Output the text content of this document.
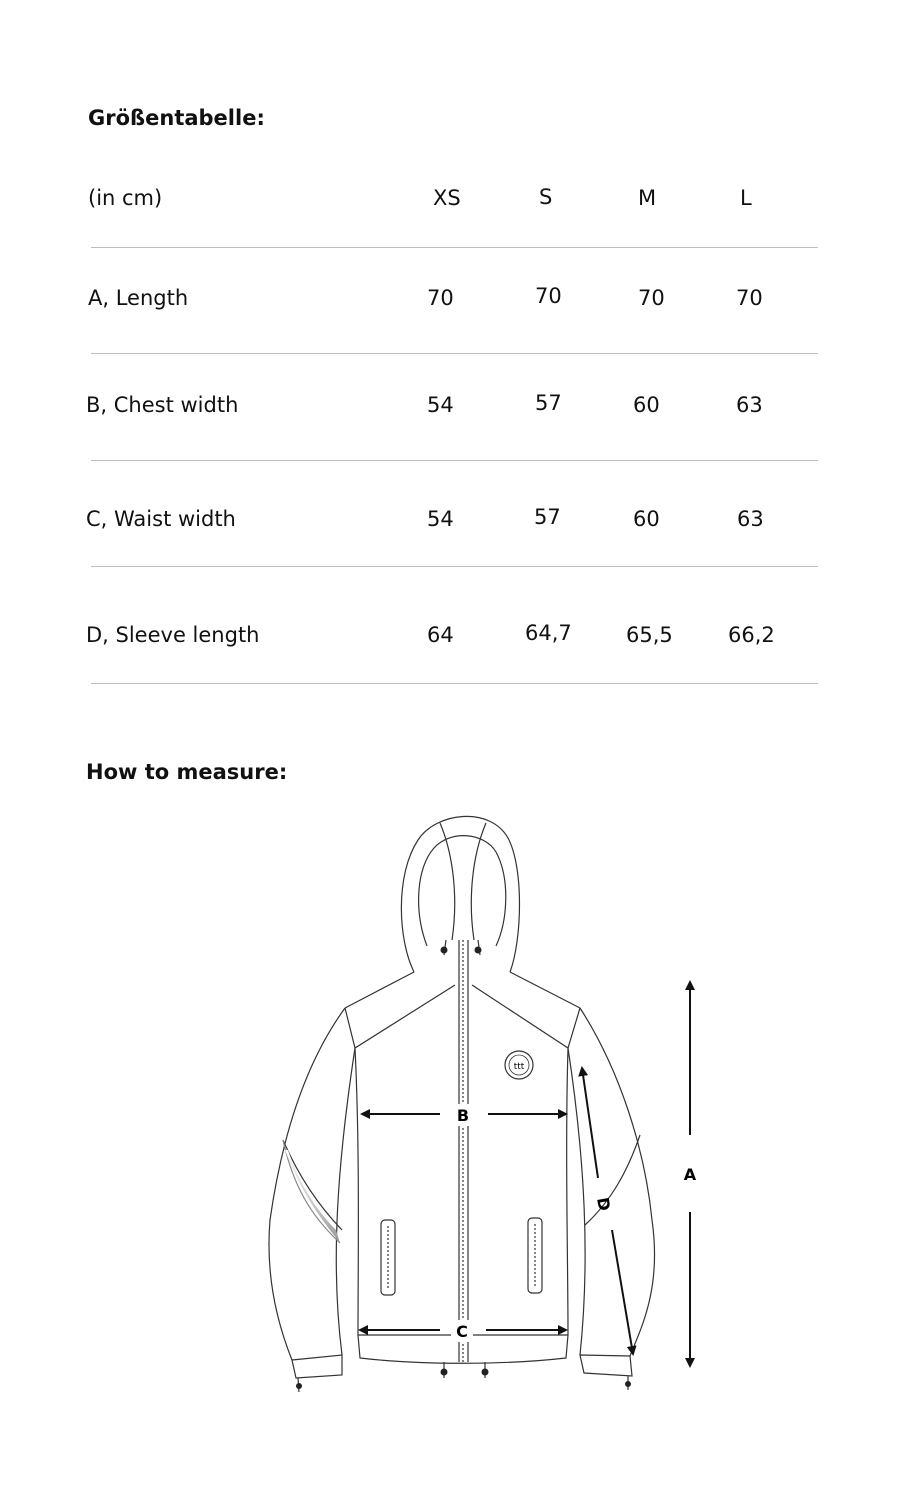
Größentabelle:
(in cm)	XS	S	M	L
A, Length	70	70	70	70
B, Chest width	54	57	60	63
C, Waist width	54	57	60	63
D, Sleeve length	64	64,7	65,5	66,2
How to measure:
ttt
B
C
A
D
